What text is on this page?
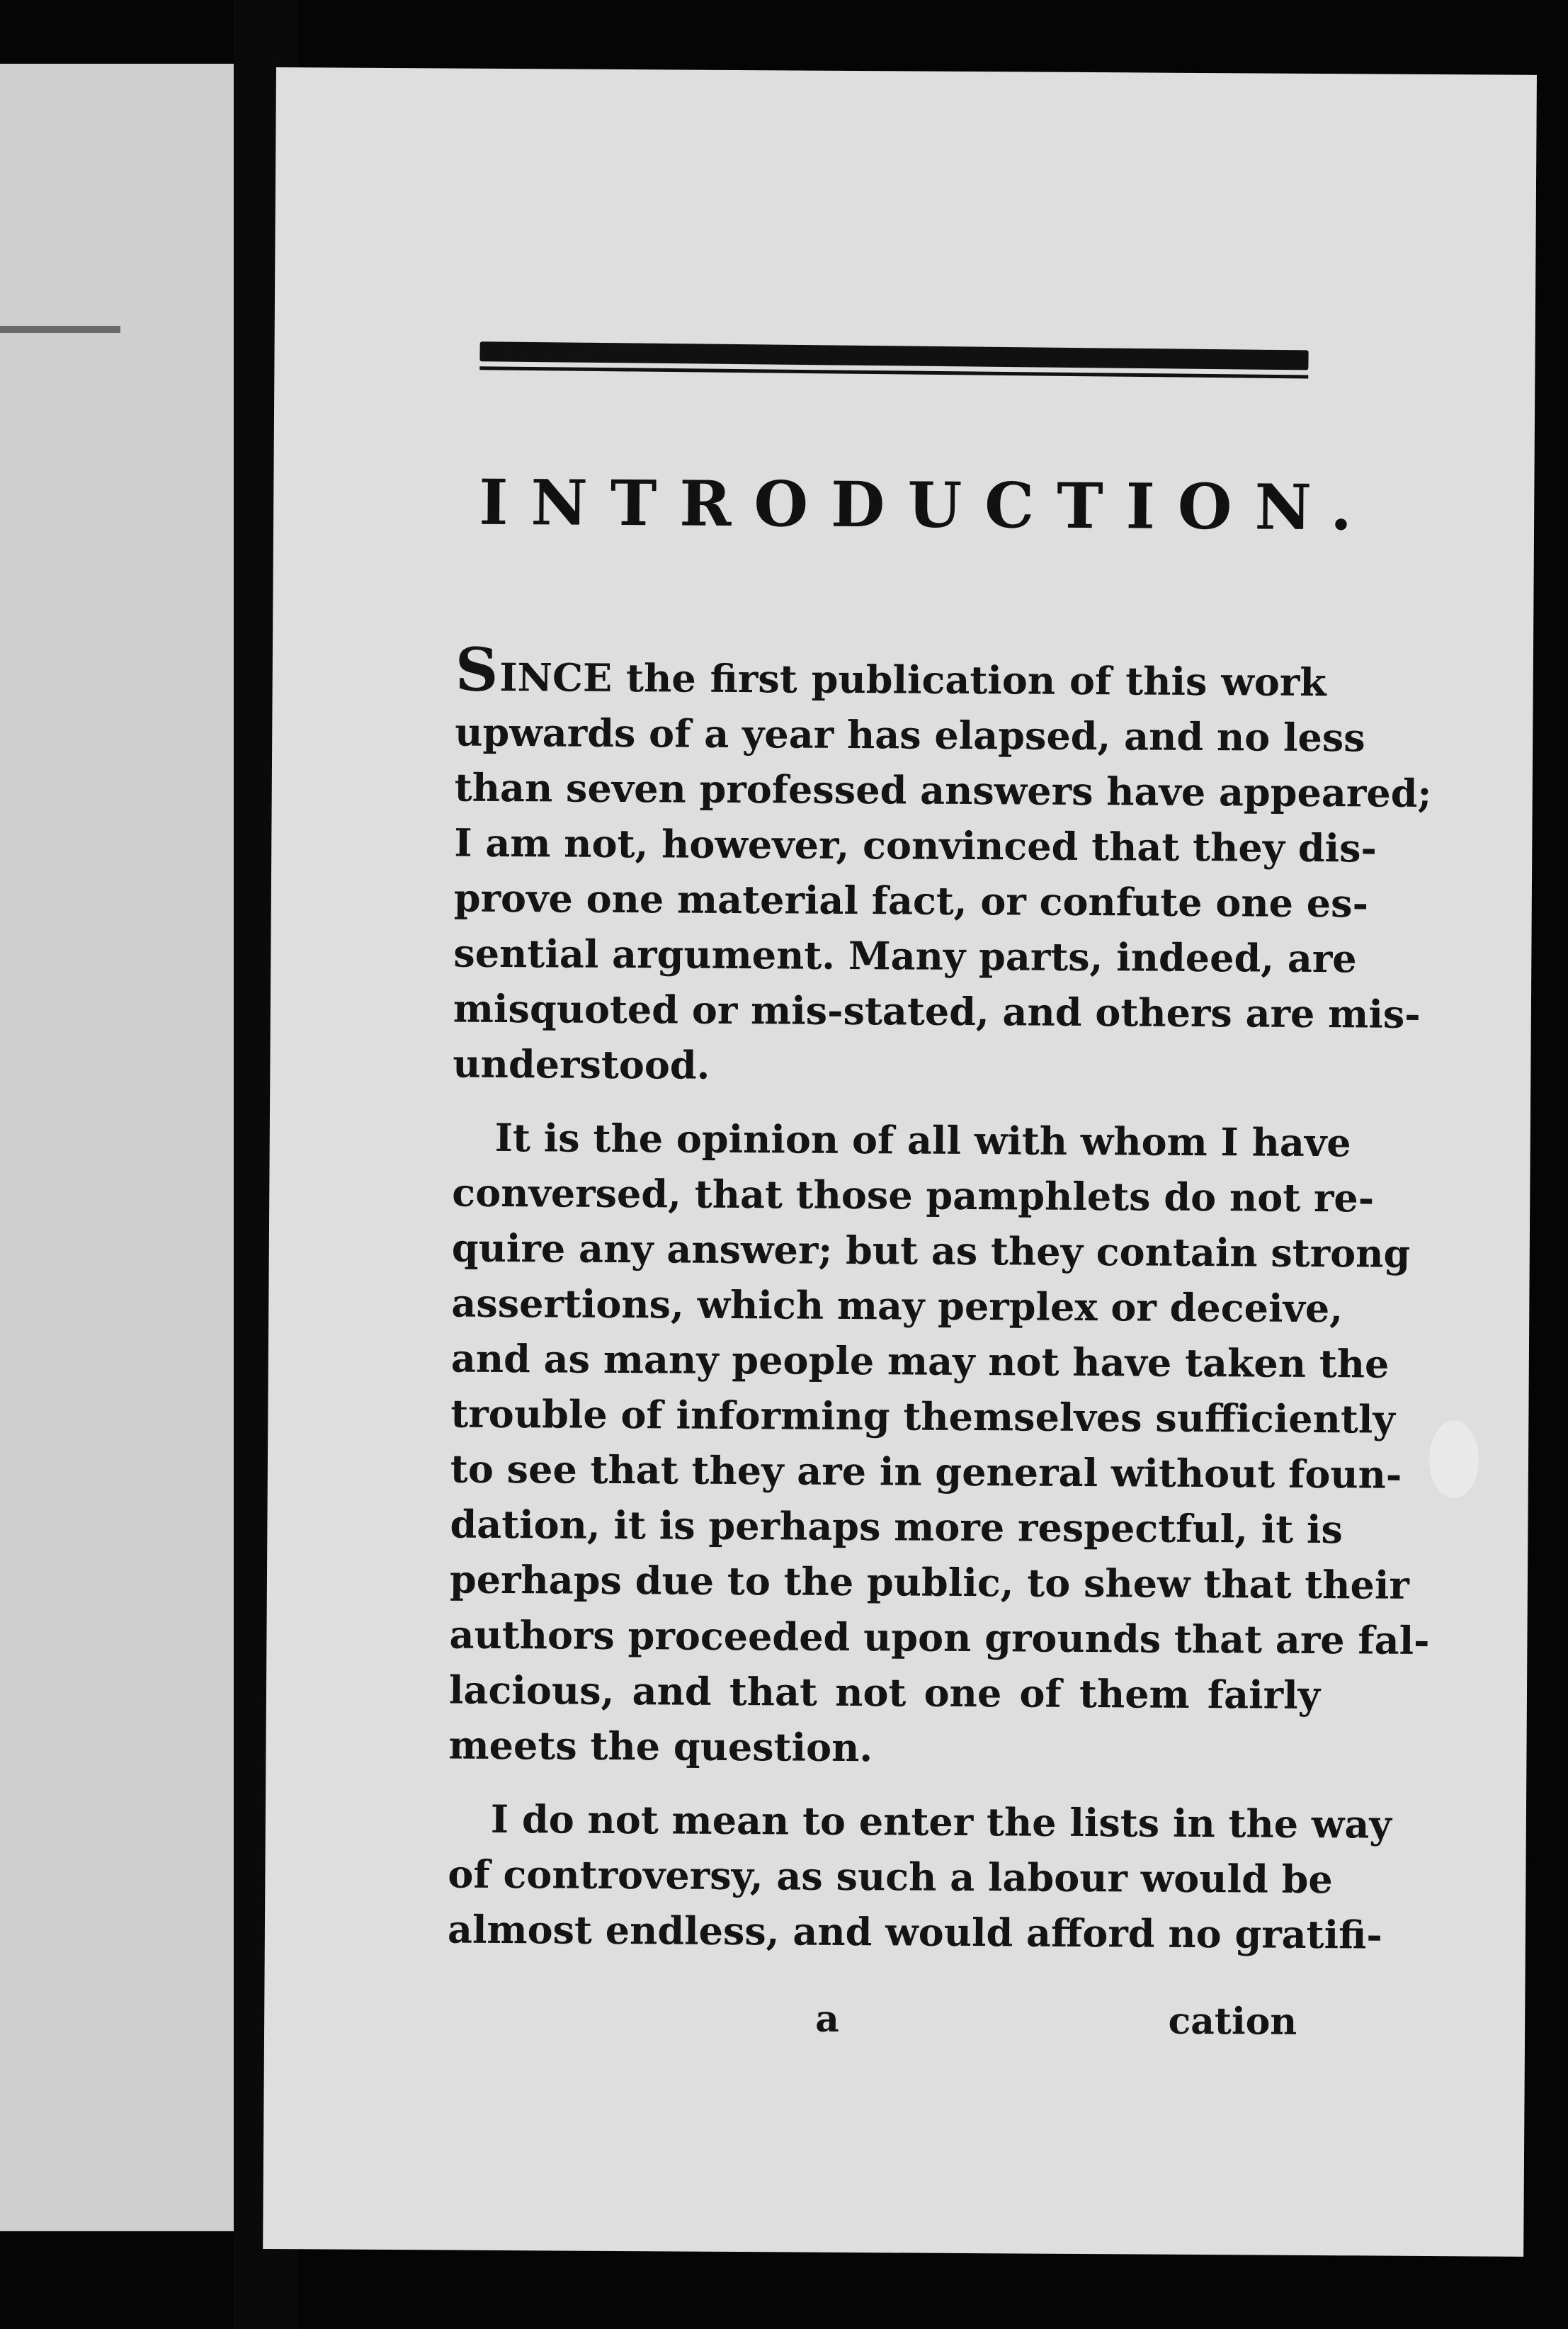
INTRODUCTION.
SINCE the first publication of this work
upwards of a year has elapsed, and no less
than seven professed answers have appeared;
I am not, however, convinced that they dis-
prove one material fact, or confute one es-
sential argument. Many parts, indeed, are
misquoted or mis-stated, and others are mis-
understood.
It is the opinion of all with whom I have
conversed, that those pamphlets do not re-
quire any answer; but as they contain strong
assertions, which may perplex or deceive,
and as many people may not have taken the
trouble of informing themselves sufficiently
to see that they are in general without foun-
dation, it is perhaps more respectful, it is
perhaps due to the public, to shew that their
authors proceeded upon grounds that are fal-
lacious, and that not one of them fairly
meets the question.
I do not mean to enter the lists in the way
of controversy, as such a labour would be
almost endless, and would afford no gratifi-
a	cation
